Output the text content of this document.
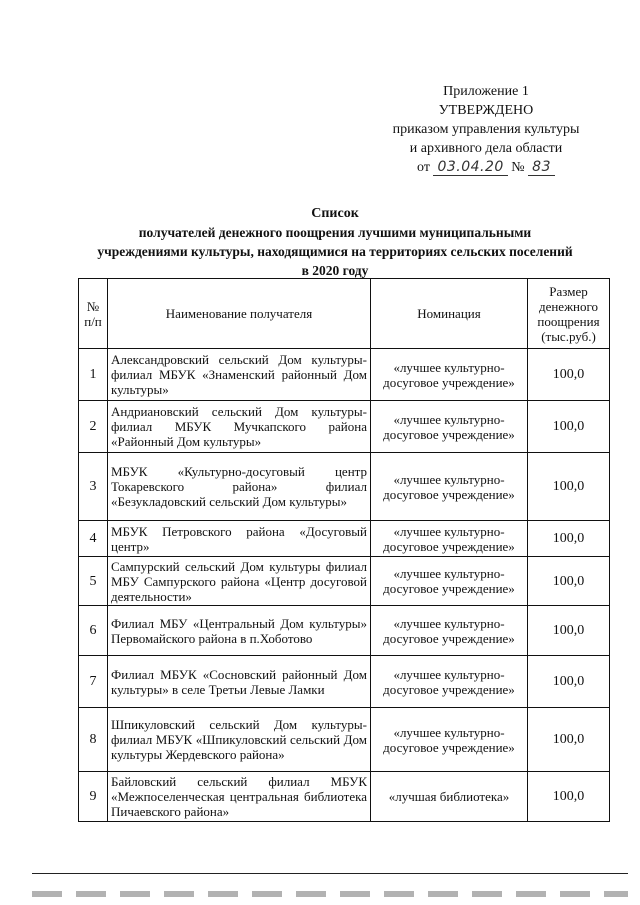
Приложение 1
УТВЕРЖДЕНО
приказом управления культуры
и архивного дела области
от 03.04.20 № 83
Список
получателей денежного поощрения лучшими муниципальными
учреждениями культуры, находящимися на территориях сельских поселений
в 2020 году
№ п/п	Наименование получателя	Номинация	Размер денежного поощрения (тыс.руб.)
1	Александровский сельский Дом культуры-филиал МБУК «Знаменский районный Дом культуры»	«лучшее культурно-досуговое учреждение»	100,0
2	Андриановский сельский Дом культуры-филиал МБУК Мучкапского района «Районный Дом культуры»	«лучшее культурно-досуговое учреждение»	100,0
3	МБУК «Культурно-досуговый центр Токаревского района» филиал «Безукладовский сельский Дом культуры»	«лучшее культурно-досуговое учреждение»	100,0
4	МБУК Петровского района «Досуговый центр»	«лучшее культурно-досуговое учреждение»	100,0
5	Сампурский сельский Дом культуры филиал МБУ Сампурского района «Центр досуговой деятельности»	«лучшее культурно-досуговое учреждение»	100,0
6	Филиал МБУ «Центральный Дом культуры» Первомайского района в п.Хоботово	«лучшее культурно-досуговое учреждение»	100,0
7	Филиал МБУК «Сосновский районный Дом культуры» в селе Третьи Левые Ламки	«лучшее культурно-досуговое учреждение»	100,0
8	Шпикуловский сельский Дом культуры-филиал МБУК «Шпикуловский сельский Дом культуры Жердевского района»	«лучшее культурно-досуговое учреждение»	100,0
9	Байловский сельский филиал МБУК «Межпоселенческая центральная библиотека Пичаевского района»	«лучшая библиотека»	100,0
